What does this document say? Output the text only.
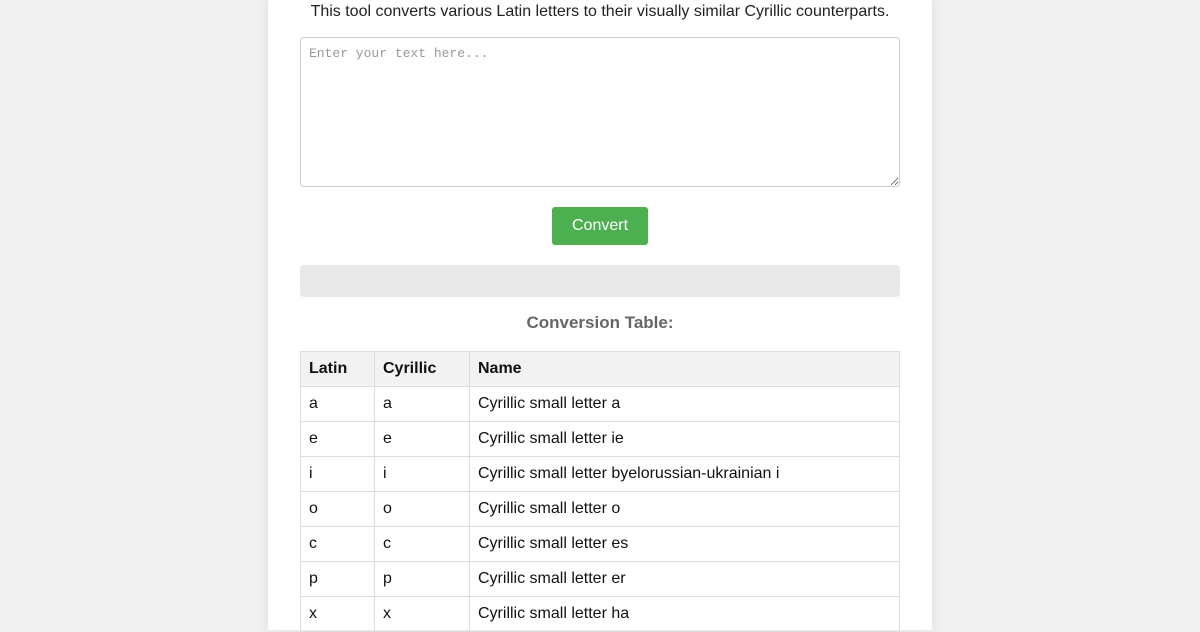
This tool converts various Latin letters to their visually similar Cyrillic counterparts.
Enter your text here...
Convert
Conversion Table:
Latin	Cyrillic	Name
a	а	Cyrillic small letter a
e	е	Cyrillic small letter ie
i	і	Cyrillic small letter byelorussian-ukrainian i
o	о	Cyrillic small letter o
c	с	Cyrillic small letter es
p	р	Cyrillic small letter er
x	х	Cyrillic small letter ha
